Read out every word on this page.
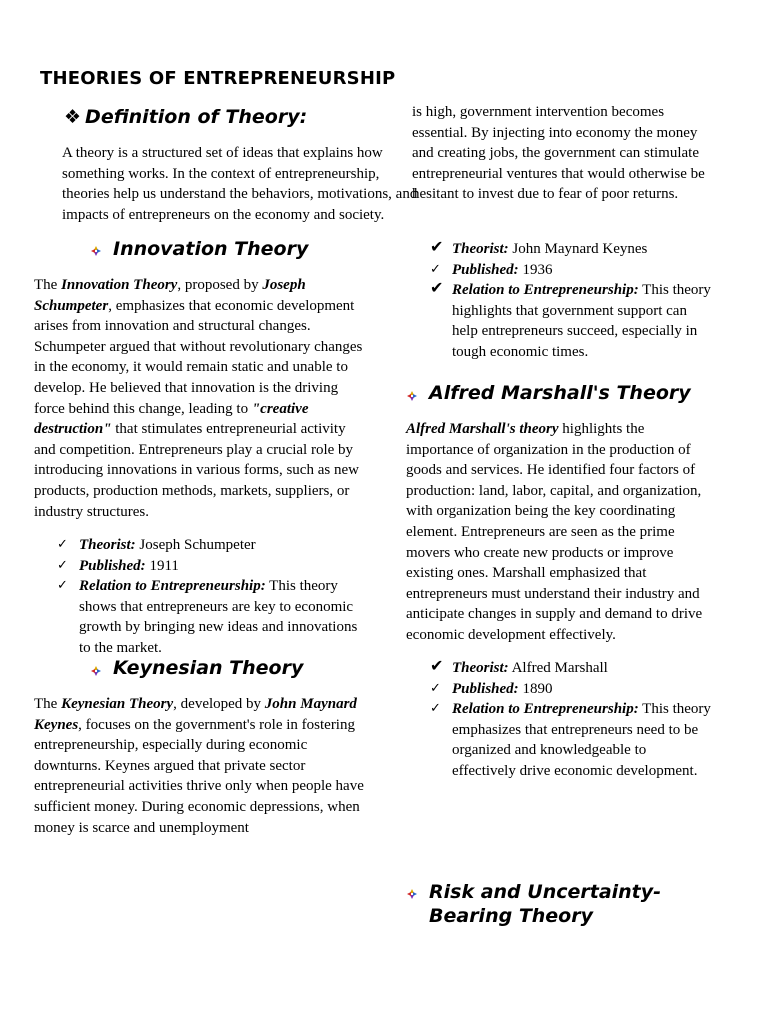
THEORIES OF ENTREPRENEURSHIP
❖ Definition of Theory:
A theory is a structured set of ideas that explains how something works. In the context of entrepreneurship, theories help us understand the behaviors, motivations, and impacts of entrepreneurs on the economy and society.
Innovation Theory
The Innovation Theory, proposed by Joseph Schumpeter, emphasizes that economic development arises from innovation and structural changes. Schumpeter argued that without revolutionary changes in the economy, it would remain static and unable to develop. He believed that innovation is the driving force behind this change, leading to "creative destruction" that stimulates entrepreneurial activity and competition. Entrepreneurs play a crucial role by introducing innovations in various forms, such as new products, production methods, markets, suppliers, or industry structures.
✓ Theorist: Joseph Schumpeter
✓ Published: 1911
✓ Relation to Entrepreneurship: This theory shows that entrepreneurs are key to economic growth by bringing new ideas and innovations to the market.
Keynesian Theory
The Keynesian Theory, developed by John Maynard Keynes, focuses on the government's role in fostering entrepreneurship, especially during economic downturns. Keynes argued that private sector entrepreneurial activities thrive only when people have sufficient money. During economic depressions, when money is scarce and unemployment
is high, government intervention becomes essential. By injecting into economy the money and creating jobs, the government can stimulate entrepreneurial ventures that would otherwise be hesitant to invest due to fear of poor returns.
✔ Theorist: John Maynard Keynes
✓ Published: 1936
✔ Relation to Entrepreneurship: This theory highlights that government support can help entrepreneurs succeed, especially in tough economic times.
Alfred Marshall's Theory
Alfred Marshall's theory highlights the importance of organization in the production of goods and services. He identified four factors of production: land, labor, capital, and organization, with organization being the key coordinating element. Entrepreneurs are seen as the prime movers who create new products or improve existing ones. Marshall emphasized that entrepreneurs must understand their industry and anticipate changes in supply and demand to drive economic development effectively.
✔ Theorist: Alfred Marshall
✓ Published: 1890
✓ Relation to Entrepreneurship: This theory emphasizes that entrepreneurs need to be organized and knowledgeable to effectively drive economic development.
Risk and Uncertainty-Bearing Theory
